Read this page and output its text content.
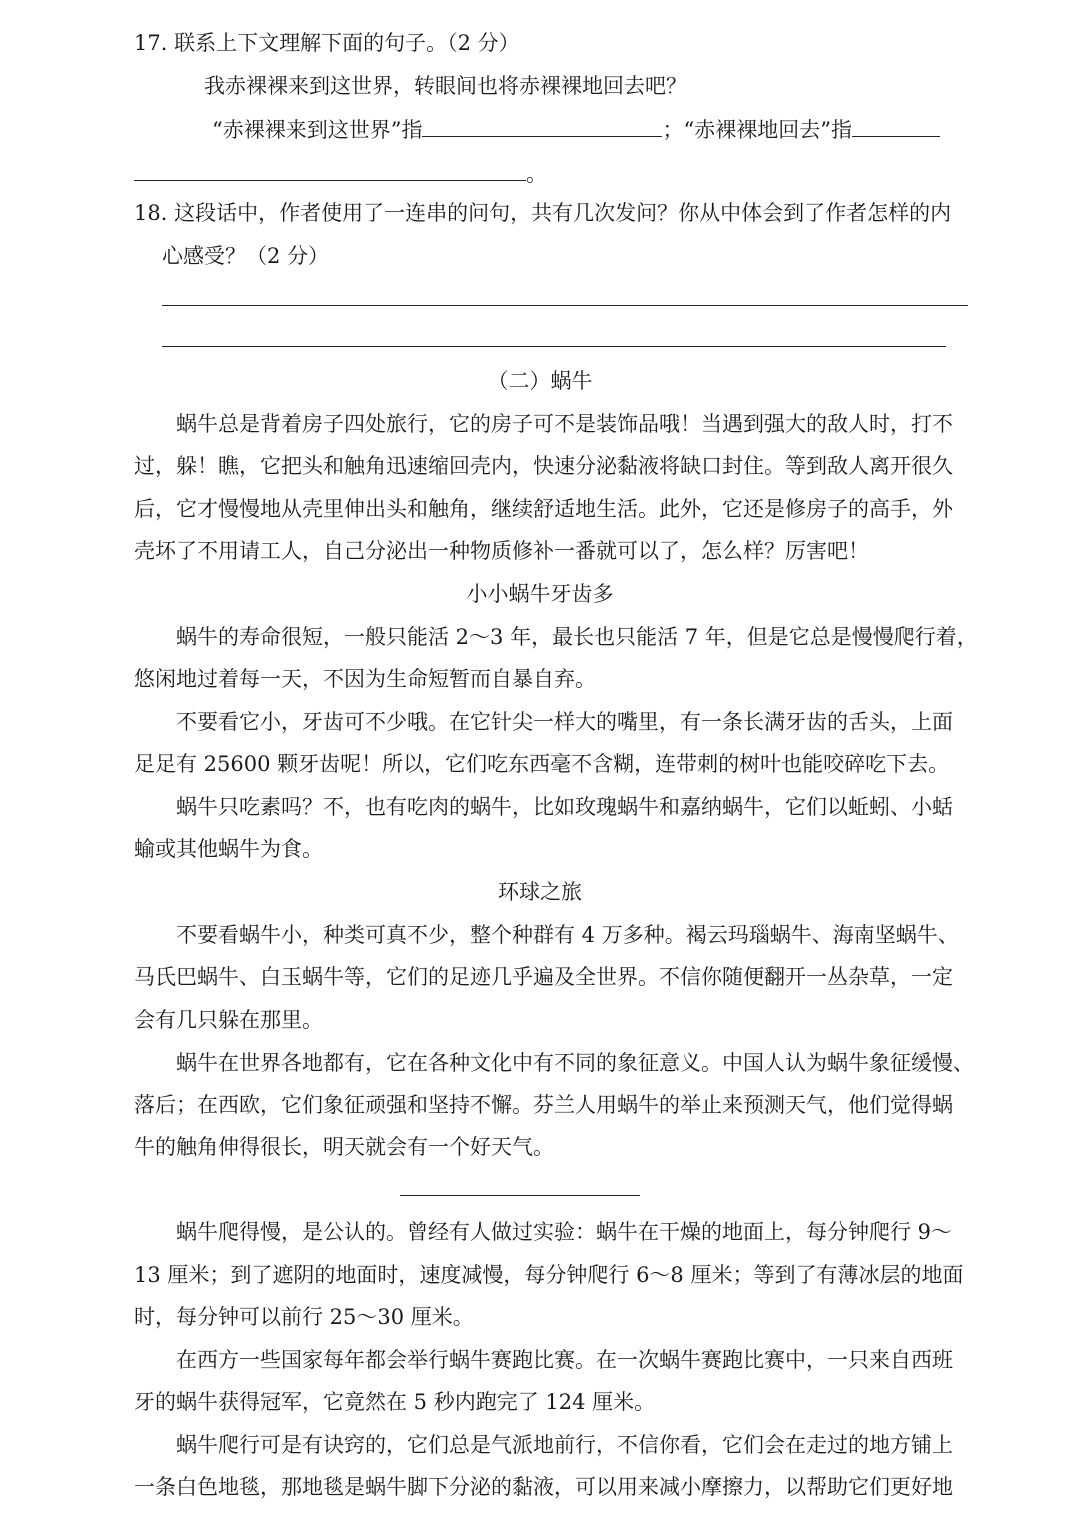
17. 联系上下文理解下面的句子。（2 分）
我赤裸裸来到这世界，转眼间也将赤裸裸地回去吧？
“赤裸裸来到这世界”指	；“赤裸裸地回去”指
。
18. 这段话中，作者使用了一连串的问句，共有几次发问？你从中体会到了作者怎样的内
心感受？（2 分）
（二）蜗牛
蜗牛总是背着房子四处旅行，它的房子可不是装饰品哦！当遇到强大的敌人时，打不
过，躲！瞧，它把头和触角迅速缩回壳内，快速分泌黏液将缺口封住。等到敌人离开很久
后，它才慢慢地从壳里伸出头和触角，继续舒适地生活。此外，它还是修房子的高手，外
壳坏了不用请工人，自己分泌出一种物质修补一番就可以了，怎么样？厉害吧！
小小蜗牛牙齿多
蜗牛的寿命很短，一般只能活 2～3 年，最长也只能活 7 年，但是它总是慢慢爬行着，
悠闲地过着每一天，不因为生命短暂而自暴自弃。
不要看它小，牙齿可不少哦。在它针尖一样大的嘴里，有一条长满牙齿的舌头，上面
足足有 25600 颗牙齿呢！所以，它们吃东西毫不含糊，连带刺的树叶也能咬碎吃下去。
蜗牛只吃素吗？不，也有吃肉的蜗牛，比如玫瑰蜗牛和嘉纳蜗牛，它们以蚯蚓、小蛞
蝓或其他蜗牛为食。
环球之旅
不要看蜗牛小，种类可真不少，整个种群有 4 万多种。褐云玛瑙蜗牛、海南坚蜗牛、
马氏巴蜗牛、白玉蜗牛等，它们的足迹几乎遍及全世界。不信你随便翻开一丛杂草，一定
会有几只躲在那里。
蜗牛在世界各地都有，它在各种文化中有不同的象征意义。中国人认为蜗牛象征缓慢、
落后；在西欧，它们象征顽强和坚持不懈。芬兰人用蜗牛的举止来预测天气，他们觉得蜗
牛的触角伸得很长，明天就会有一个好天气。
蜗牛爬得慢，是公认的。曾经有人做过实验：蜗牛在干燥的地面上，每分钟爬行 9～
13 厘米；到了遮阴的地面时，速度减慢，每分钟爬行 6～8 厘米；等到了有薄冰层的地面
时，每分钟可以前行 25～30 厘米。
在西方一些国家每年都会举行蜗牛赛跑比赛。在一次蜗牛赛跑比赛中，一只来自西班
牙的蜗牛获得冠军，它竟然在 5 秒内跑完了 124 厘米。
蜗牛爬行可是有诀窍的，它们总是气派地前行，不信你看，它们会在走过的地方铺上
一条白色地毯，那地毯是蜗牛脚下分泌的黏液，可以用来减小摩擦力，以帮助它们更好地
